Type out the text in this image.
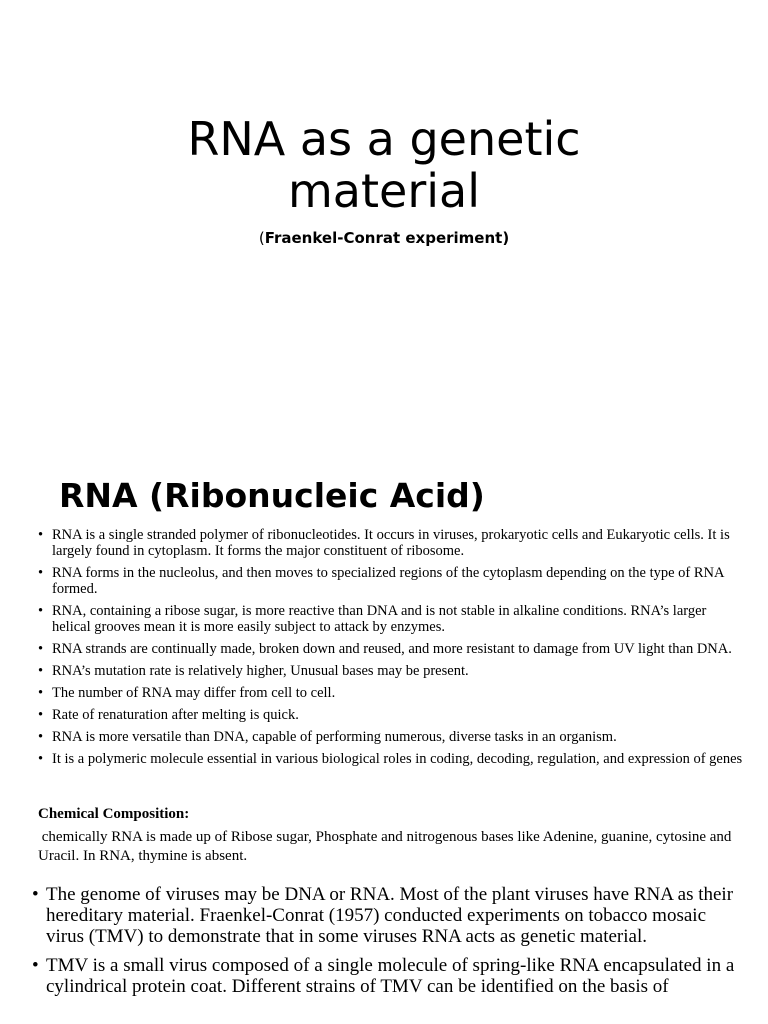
RNA as a genetic
material
(Fraenkel-Conrat experiment)
RNA (Ribonucleic Acid)
• RNA is a single stranded polymer of ribonucleotides. It occurs in viruses, prokaryotic cells and Eukaryotic cells. It is largely found in cytoplasm. It forms the major constituent of ribosome.
• RNA forms in the nucleolus, and then moves to specialized regions of the cytoplasm depending on the type of RNA formed.
• RNA, containing a ribose sugar, is more reactive than DNA and is not stable in alkaline conditions. RNA’s larger helical grooves mean it is more easily subject to attack by enzymes.
• RNA strands are continually made, broken down and reused, and more resistant to damage from UV light than DNA.
• RNA’s mutation rate is relatively higher, Unusual bases may be present.
• The number of RNA may differ from cell to cell.
• Rate of renaturation after melting is quick.
• RNA is more versatile than DNA, capable of performing numerous, diverse tasks in an organism.
• It is a polymeric molecule essential in various biological roles in coding, decoding, regulation, and expression of genes
Chemical Composition:
chemically RNA is made up of Ribose sugar, Phosphate and nitrogenous bases like Adenine, guanine, cytosine and Uracil. In RNA, thymine is absent.
• The genome of viruses may be DNA or RNA. Most of the plant viruses have RNA as their hereditary material. Fraenkel-Conrat (1957) conducted experiments on tobacco mosaic virus (TMV) to demonstrate that in some viruses RNA acts as genetic material.
• TMV is a small virus composed of a single molecule of spring-like RNA encapsulated in a cylindrical protein coat. Different strains of TMV can be identified on the basis of
